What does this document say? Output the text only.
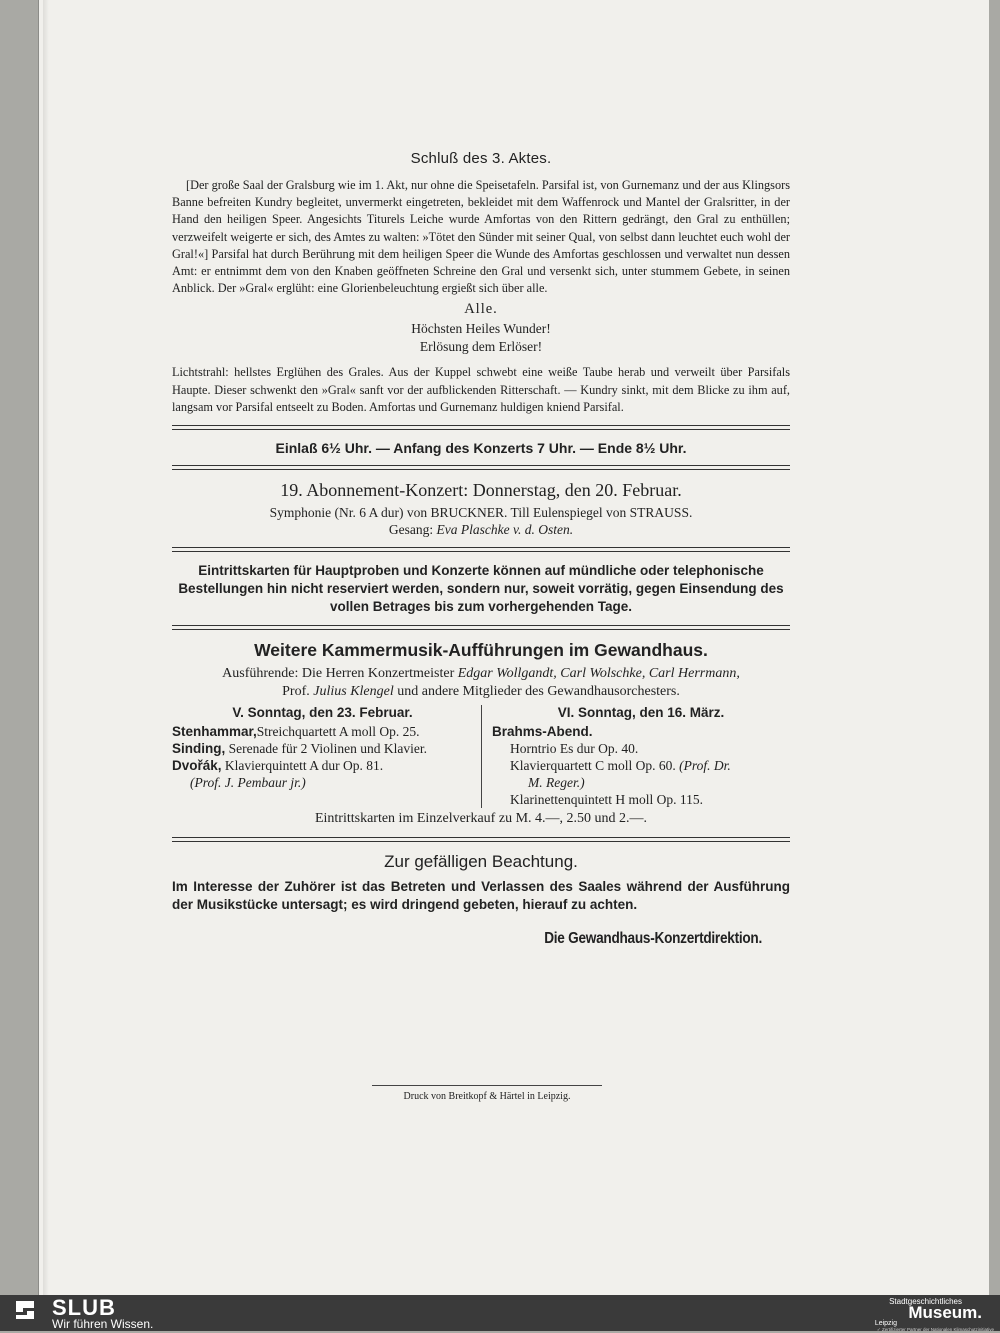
Schluß des 3. Aktes.

[Der große Saal der Gralsburg wie im 1. Akt, nur ohne die Speisetafeln. Parsifal ist, von Gurnemanz und der aus Klingsors Banne befreiten Kundry begleitet, unvermerkt eingetreten, bekleidet mit dem Waffenrock und Mantel der Gralsritter, in der Hand den heiligen Speer. Angesichts Titurels Leiche wurde Amfortas von den Rittern gedrängt, den Gral zu enthüllen; verzweifelt weigerte er sich, des Amtes zu walten: »Tötet den Sünder mit seiner Qual, von selbst dann leuchtet euch wohl der Gral!«] Parsifal hat durch Berührung mit dem heiligen Speer die Wunde des Amfortas geschlossen und verwaltet nun dessen Amt: er entnimmt dem von den Knaben geöffneten Schreine den Gral und versenkt sich, unter stummem Gebete, in seinen Anblick. Der »Gral« erglüht: eine Glorienbeleuchtung ergießt sich über alle.

Alle.
Höchsten Heiles Wunder!
Erlösung dem Erlöser!

Lichtstrahl: hellstes Erglühen des Grales. Aus der Kuppel schwebt eine weiße Taube herab und verweilt über Parsifals Haupte. Dieser schwenkt den »Gral« sanft vor der aufblickenden Ritterschaft. — Kundry sinkt, mit dem Blicke zu ihm auf, langsam vor Parsifal entseelt zu Boden. Amfortas und Gurnemanz huldigen kniend Parsifal.

Einlaß 6½ Uhr. — Anfang des Konzerts 7 Uhr. — Ende 8½ Uhr.
19. Abonnement-Konzert: Donnerstag, den 20. Februar.
Symphonie (Nr. 6 A dur) von BRUCKNER. Till Eulenspiegel von STRAUSS.
Gesang: Eva Plaschke v. d. Osten.
Eintrittskarten für Hauptproben und Konzerte können auf mündliche oder telephonische Bestellungen hin nicht reserviert werden, sondern nur, soweit vorrätig, gegen Einsendung des vollen Betrages bis zum vorhergehenden Tage.
Weitere Kammermusik-Aufführungen im Gewandhaus.
Ausführende: Die Herren Konzertmeister Edgar Wollgandt, Carl Wolschke, Carl Herrmann,
Prof. Julius Klengel und andere Mitglieder des Gewandhausorchesters.
V. Sonntag, den 23. Februar.
Stenhammar,Streichquartett A moll Op. 25.
Sinding, Serenade für 2 Violinen und Klavier.
Dvořák, Klavierquintett A dur Op. 81.
(Prof. J. Pembaur jr.)
VI. Sonntag, den 16. März.
Brahms-Abend.
Horntrio Es dur Op. 40.
Klavierquartett C moll Op. 60. (Prof. Dr.
M. Reger.)
Klarinettenquintett H moll Op. 115.
Eintrittskarten im Einzelverkauf zu M. 4.—, 2.50 und 2.—.
Zur gefälligen Beachtung.
Im Interesse der Zuhörer ist das Betreten und Verlassen des Saales während der Ausführung der Musikstücke untersagt; es wird dringend gebeten, hierauf zu achten.
Die Gewandhaus-Konzertdirektion.
Druck von Breitkopf & Härtel in Leipzig.
SLUB
Wir führen Wissen.
Stadtgeschichtliches
Museum.
Leipzig
✓ Zertifizierter Partner der Nationalen Klimaschutzinitiative
